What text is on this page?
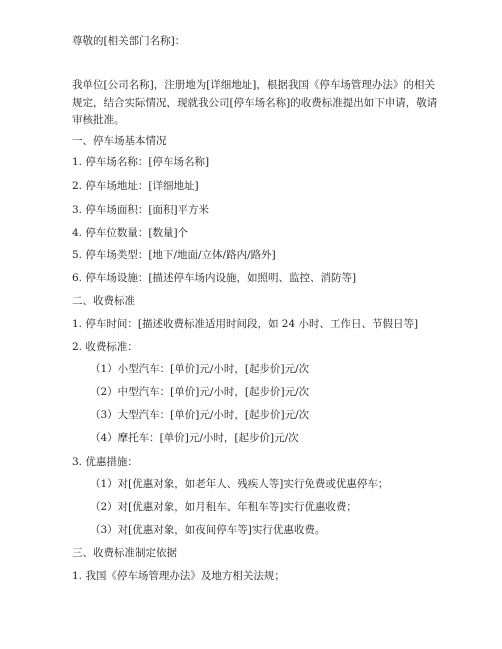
尊敬的[相关部门名称]：
我单位[公司名称]，注册地为[详细地址]，根据我国《停车场管理办法》的相关规定，结合实际情况，现就我公司[停车场名称]的收费标准提出如下申请，敬请审核批准。
一、停车场基本情况
1. 停车场名称：[停车场名称]
2. 停车场地址：[详细地址]
3. 停车场面积：[面积]平方米
4. 停车位数量：[数量]个
5. 停车场类型：[地下/地面/立体/路内/路外]
6. 停车场设施：[描述停车场内设施，如照明、监控、消防等]
二、收费标准
1. 停车时间：[描述收费标准适用时间段，如 24 小时、工作日、节假日等]
2. 收费标准：
（1）小型汽车：[单价]元/小时，[起步价]元/次
（2）中型汽车：[单价]元/小时，[起步价]元/次
（3）大型汽车：[单价]元/小时，[起步价]元/次
（4）摩托车：[单价]元/小时，[起步价]元/次
3. 优惠措施：
（1）对[优惠对象，如老年人、残疾人等]实行免费或优惠停车；
（2）对[优惠对象，如月租车、年租车等]实行优惠收费；
（3）对[优惠对象，如夜间停车等]实行优惠收费。
三、收费标准制定依据
1. 我国《停车场管理办法》及地方相关法规；
